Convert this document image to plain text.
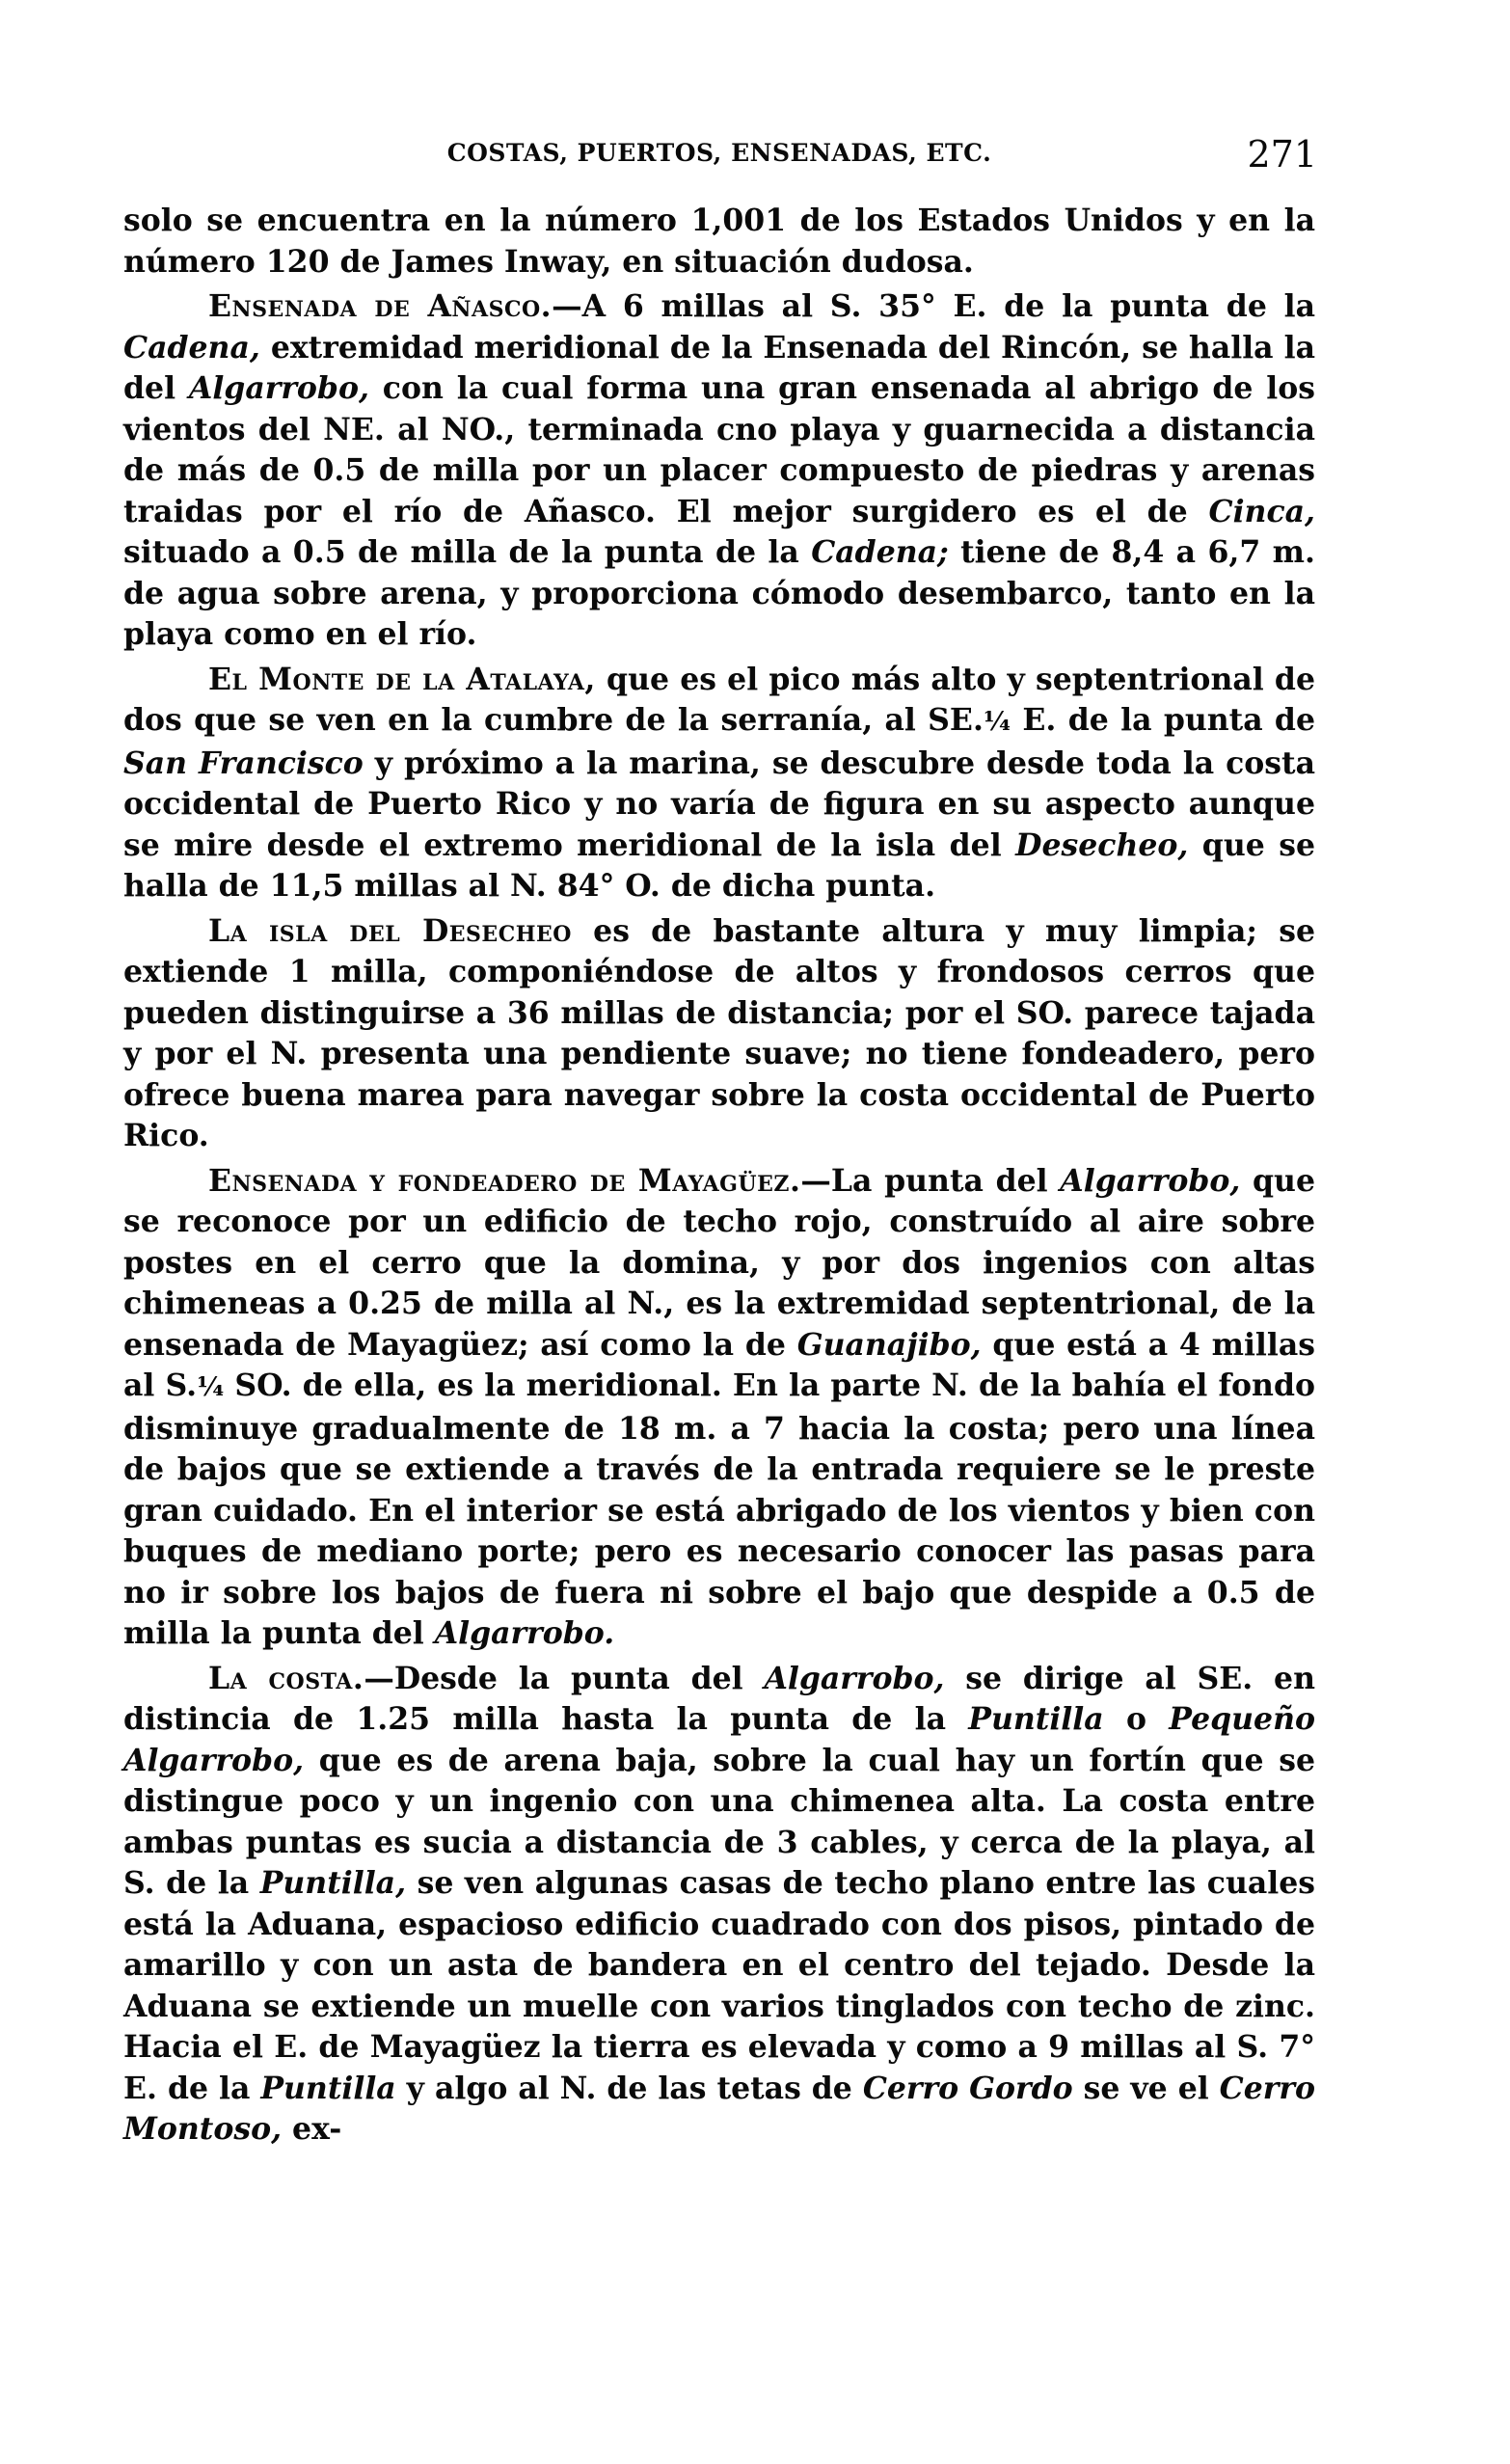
COSTAS, PUERTOS, ENSENADAS, ETC.	271

solo se encuentra en la número 1,001 de los Estados Unidos y en la número 120 de James Inway, en situación dudosa.

Ensenada de Añasco.—A 6 millas al S. 35° E. de la punta de la Cadena, extremidad meridional de la Ensenada del Rincón, se halla la del Algarrobo, con la cual forma una gran ensenada al abrigo de los vientos del NE. al NO., terminada cno playa y guarnecida a distancia de más de 0.5 de milla por un placer compuesto de piedras y arenas traidas por el río de Añasco. El mejor surgidero es el de Cinca, situado a 0.5 de milla de la punta de la Cadena; tiene de 8,4 a 6,7 m. de agua sobre arena, y proporciona cómodo desembarco, tanto en la playa como en el río.

El Monte de la Atalaya, que es el pico más alto y septentrional de dos que se ven en la cumbre de la serranía, al SE.¼ E. de la punta de San Francisco y próximo a la marina, se descubre desde toda la costa occidental de Puerto Rico y no varía de figura en su aspecto aunque se mire desde el extremo meridional de la isla del Desecheo, que se halla de 11,5 millas al N. 84° O. de dicha punta.

La isla del Desecheo es de bastante altura y muy limpia; se extiende 1 milla, componiéndose de altos y frondosos cerros que pueden distinguirse a 36 millas de distancia; por el SO. parece tajada y por el N. presenta una pendiente suave; no tiene fondeadero, pero ofrece buena marea para navegar sobre la costa occidental de Puerto Rico.

Ensenada y fondeadero de Mayagüez.—La punta del Algarrobo, que se reconoce por un edificio de techo rojo, construído al aire sobre postes en el cerro que la domina, y por dos ingenios con altas chimeneas a 0.25 de milla al N., es la extremidad septentrional, de la ensenada de Mayagüez; así como la de Guanajibo, que está a 4 millas al S.¼ SO. de ella, es la meridional. En la parte N. de la bahía el fondo disminuye gradualmente de 18 m. a 7 hacia la costa; pero una línea de bajos que se extiende a través de la entrada requiere se le preste gran cuidado. En el interior se está abrigado de los vientos y bien con buques de mediano porte; pero es necesario conocer las pasas para no ir sobre los bajos de fuera ni sobre el bajo que despide a 0.5 de milla la punta del Algarrobo.

La costa.—Desde la punta del Algarrobo, se dirige al SE. en distincia de 1.25 milla hasta la punta de la Puntilla o Pequeño Algarrobo, que es de arena baja, sobre la cual hay un fortín que se distingue poco y un ingenio con una chimenea alta. La costa entre ambas puntas es sucia a distancia de 3 cables, y cerca de la playa, al S. de la Puntilla, se ven algunas casas de techo plano entre las cuales está la Aduana, espacioso edificio cuadrado con dos pisos, pintado de amarillo y con un asta de bandera en el centro del tejado. Desde la Aduana se extiende un muelle con varios tinglados con techo de zinc. Hacia el E. de Mayagüez la tierra es elevada y como a 9 millas al S. 7° E. de la Puntilla y algo al N. de las tetas de Cerro Gordo se ve el Cerro Montoso, ex-
